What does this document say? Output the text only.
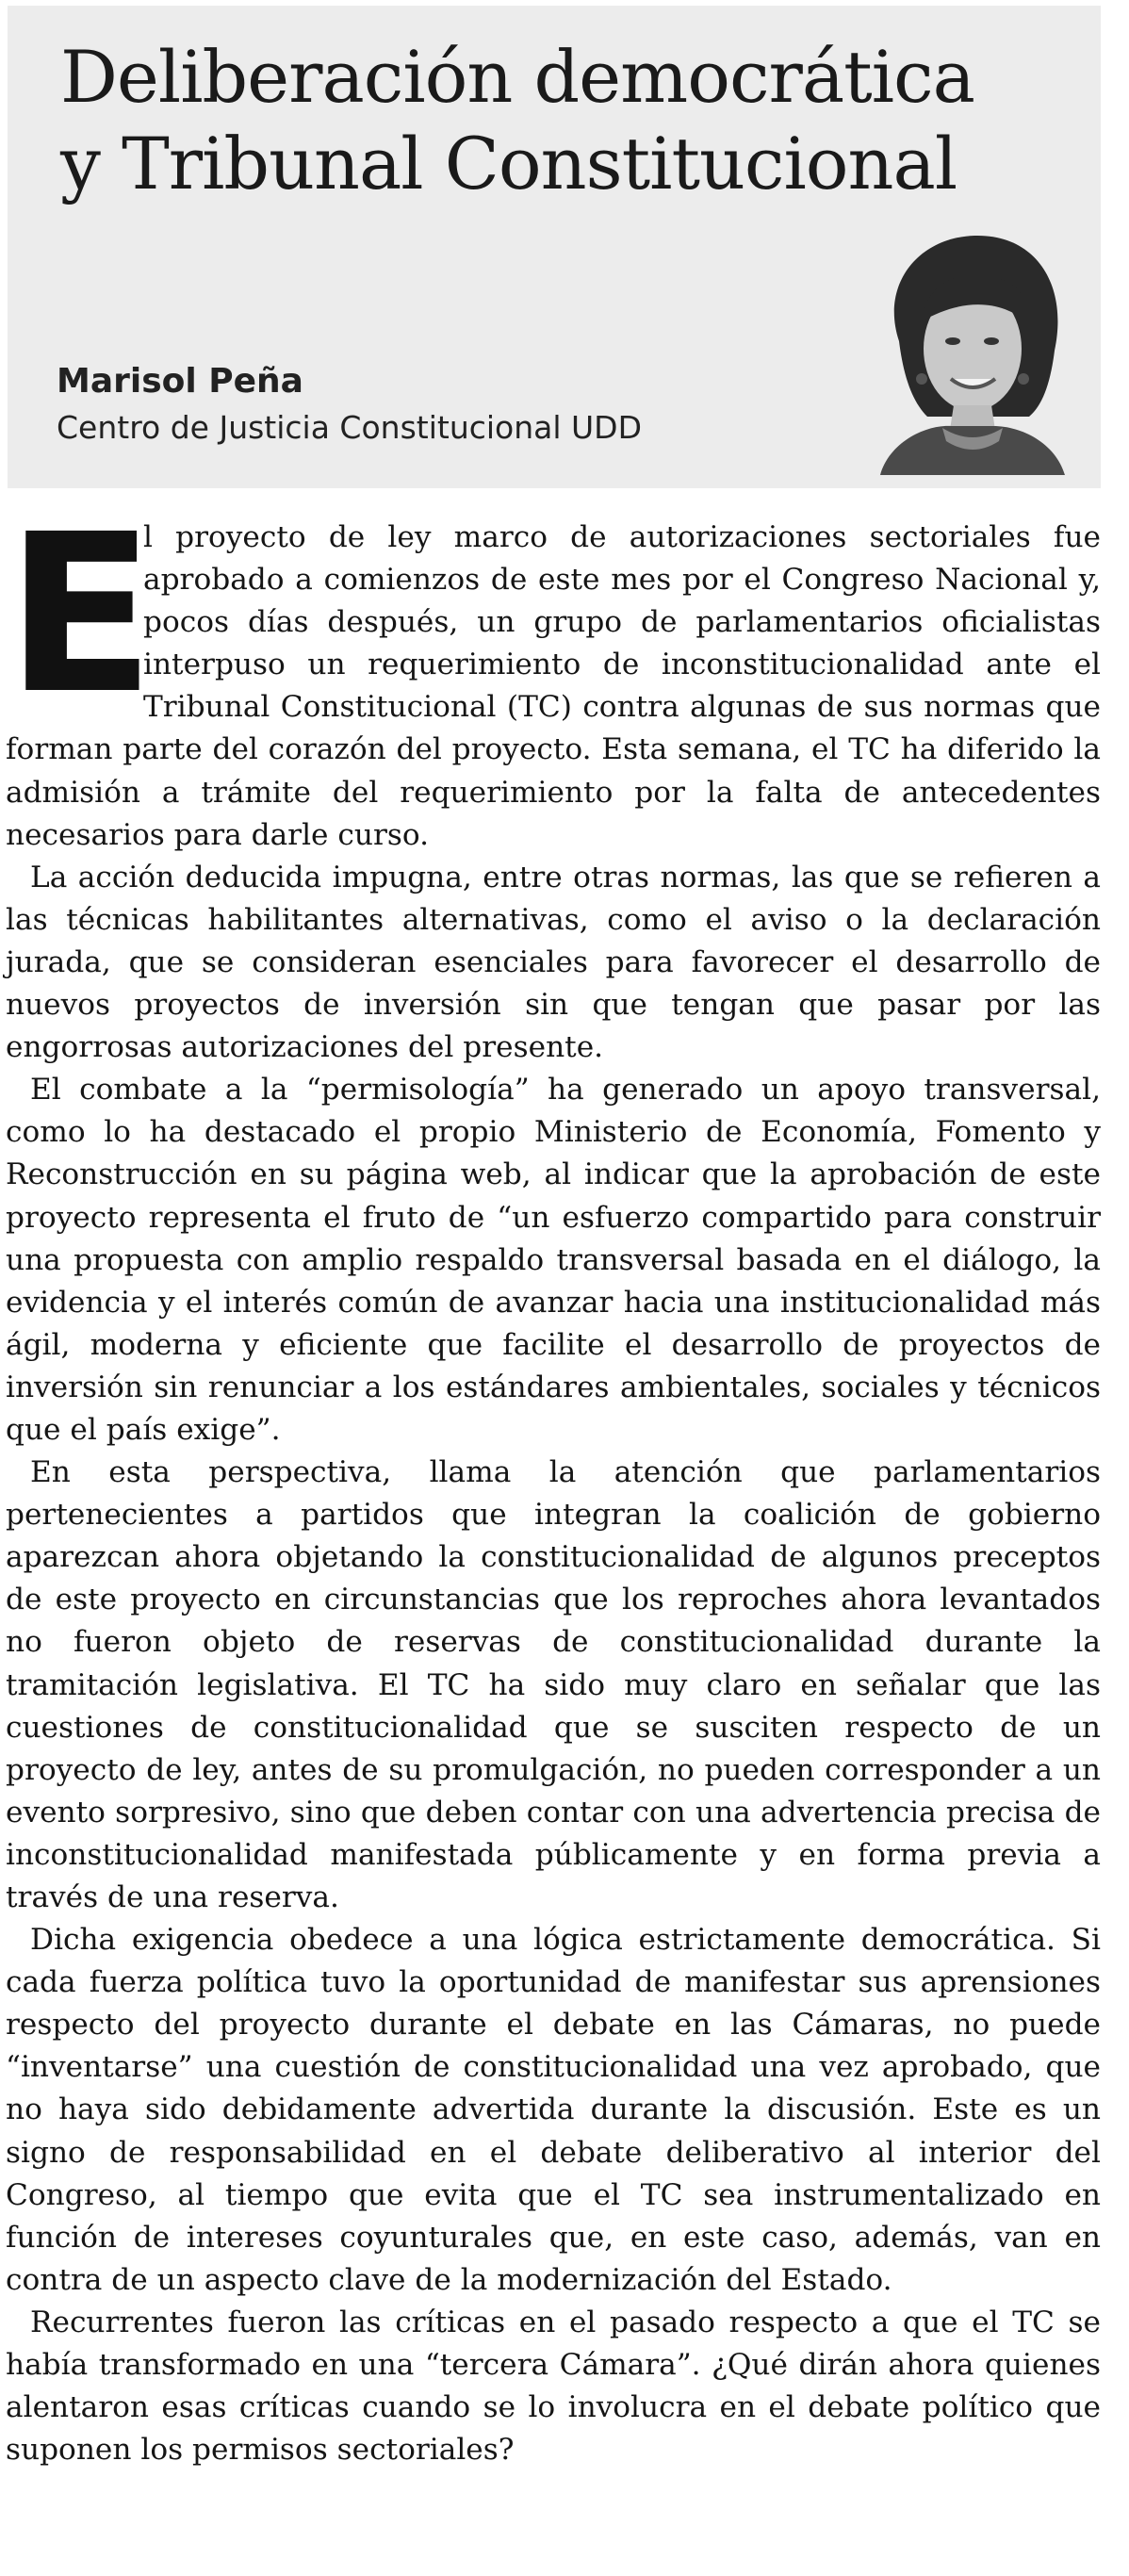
Deliberación democrática
y Tribunal Constitucional
Marisol Peña
Centro de Justicia Constitucional UDD

E
l proyecto de ley marco de autorizaciones sectoriales fue aprobado a comienzos de este mes por el Congreso Nacional y, pocos días después, un grupo de parlamentarios oficialistas interpuso un requerimiento de inconstitucionalidad ante el Tribunal Constitucional (TC) contra algunas de sus normas que forman parte del corazón del proyecto. Esta semana, el TC ha diferido la admisión a trámite del requerimiento por la falta de antecedentes necesarios para darle curso.

La acción deducida impugna, entre otras normas, las que se refieren a las técnicas habilitantes alternativas, como el aviso o la declaración jurada, que se consideran esenciales para favorecer el desarrollo de nuevos proyectos de inversión sin que tengan que pasar por las engorrosas autorizaciones del presente.

El combate a la “permisología” ha generado un apoyo transversal, como lo ha destacado el propio Ministerio de Economía, Fomento y Reconstrucción en su página web, al indicar que la aprobación de este proyecto representa el fruto de “un esfuerzo compartido para construir una propuesta con amplio respaldo transversal basada en el diálogo, la evidencia y el interés común de avanzar hacia una institucionalidad más ágil, moderna y eficiente que facilite el desarrollo de proyectos de inversión sin renunciar a los estándares ambientales, sociales y técnicos que el país exige”.

En esta perspectiva, llama la atención que parlamentarios pertenecientes a partidos que integran la coalición de gobierno aparezcan ahora objetando la constitucionalidad de algunos preceptos de este proyecto en circunstancias que los reproches ahora levantados no fueron objeto de reservas de constitucionalidad durante la tramitación legislativa. El TC ha sido muy claro en señalar que las cuestiones de constitucionalidad que se susciten respecto de un proyecto de ley, antes de su promulgación, no pueden corresponder a un evento sorpresivo, sino que deben contar con una advertencia precisa de inconstitucionalidad manifestada públicamente y en forma previa a través de una reserva.

Dicha exigencia obedece a una lógica estrictamente democrática. Si cada fuerza política tuvo la oportunidad de manifestar sus aprensiones respecto del proyecto durante el debate en las Cámaras, no puede “inventarse” una cuestión de constitucionalidad una vez aprobado, que no haya sido debidamente advertida durante la discusión. Este es un signo de responsabilidad en el debate deliberativo al interior del Congreso, al tiempo que evita que el TC sea instrumentalizado en función de intereses coyunturales que, en este caso, además, van en contra de un aspecto clave de la modernización del Estado.

Recurrentes fueron las críticas en el pasado respecto a que el TC se había transformado en una “tercera Cámara”. ¿Qué dirán ahora quienes alentaron esas críticas cuando se lo involucra en el debate político que suponen los permisos sectoriales?
